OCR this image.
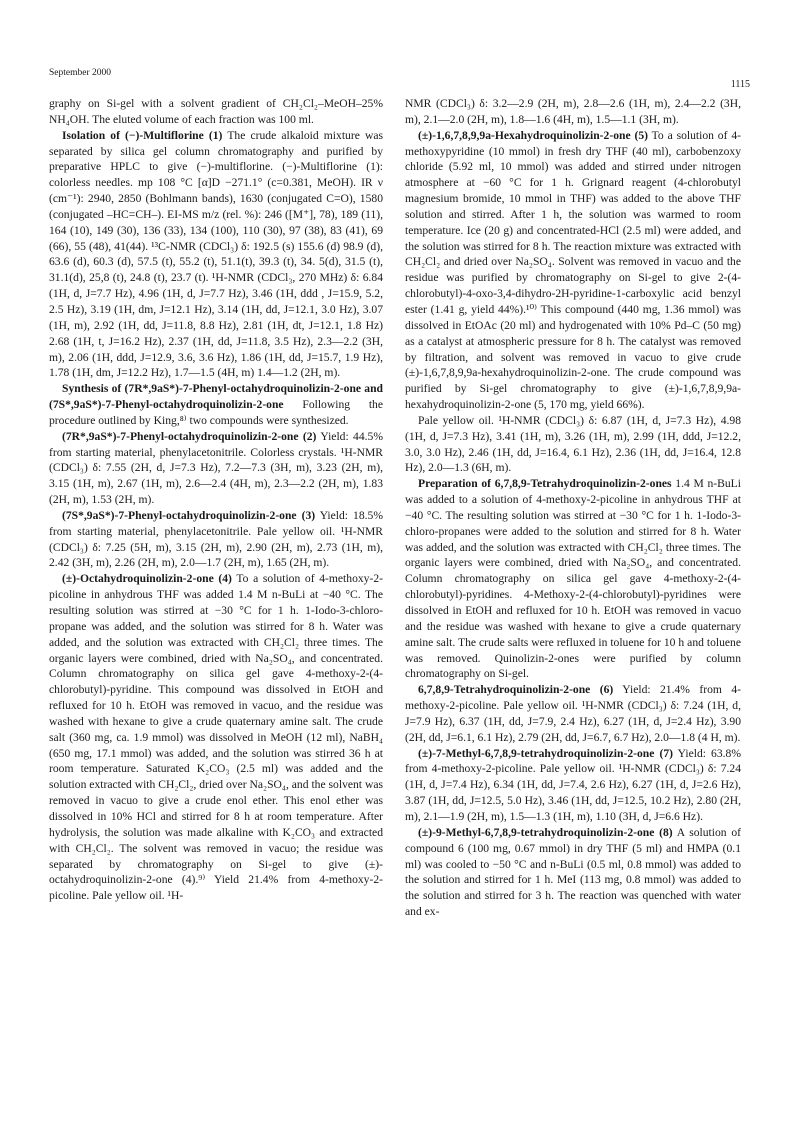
September 2000
1115

graphy on Si-gel with a solvent gradient of CH₂Cl₂–MeOH–25% NH₄OH. The eluted volume of each fraction was 100 ml.

Isolation of (−)-Multiflorine (1) The crude alkaloid mixture was separated by silica gel column chromatography and purified by preparative HPLC to give (−)-multiflorine. (−)-Multiflorine (1): colorless needles. mp 108 °C [α]D −271.1° (c=0.381, MeOH). IR ν (cm⁻¹): 2940, 2850 (Bohlmann bands), 1630 (conjugated C=O), 1580 (conjugated –HC=CH–). EI-MS m/z (rel. %): 246 ([M⁺], 78), 189 (11), 164 (10), 149 (30), 136 (33), 134 (100), 110 (30), 97 (38), 83 (41), 69 (66), 55 (48), 41(44). ¹³C-NMR (CDCl₃) δ: 192.5 (s) 155.6 (d) 98.9 (d), 63.6 (d), 60.3 (d), 57.5 (t), 55.2 (t), 51.1(t), 39.3 (t), 34. 5(d), 31.5 (t), 31.1(d), 25,8 (t), 24.8 (t), 23.7 (t). ¹H-NMR (CDCl₃, 270 MHz) δ: 6.84 (1H, d, J=7.7 Hz), 4.96 (1H, d, J=7.7 Hz), 3.46 (1H, ddd , J=15.9, 5.2, 2.5 Hz), 3.19 (1H, dm, J=12.1 Hz), 3.14 (1H, dd, J=12.1, 3.0 Hz), 3.07 (1H, m), 2.92 (1H, dd, J=11.8, 8.8 Hz), 2.81 (1H, dt, J=12.1, 1.8 Hz) 2.68 (1H, t, J=16.2 Hz), 2.37 (1H, dd, J=11.8, 3.5 Hz), 2.3—2.2 (3H, m), 2.06 (1H, ddd, J=12.9, 3.6, 3.6 Hz), 1.86 (1H, dd, J=15.7, 1.9 Hz), 1.78 (1H, dm, J=12.2 Hz), 1.7—1.5 (4H, m) 1.4—1.2 (2H, m).

Synthesis of (7R*,9aS*)-7-Phenyl-octahydroquinolizin-2-one and (7S*,9aS*)-7-Phenyl-octahydroquinolizin-2-one Following the procedure outlined by King,⁸⁾ two compounds were synthesized.

(7R*,9aS*)-7-Phenyl-octahydroquinolizin-2-one (2) Yield: 44.5% from starting material, phenylacetonitrile. Colorless crystals. ¹H-NMR (CDCl₃) δ: 7.55 (2H, d, J=7.3 Hz), 7.2—7.3 (3H, m), 3.23 (2H, m), 3.15 (1H, m), 2.67 (1H, m), 2.6—2.4 (4H, m), 2.3—2.2 (2H, m), 1.83 (2H, m), 1.53 (2H, m).

(7S*,9aS*)-7-Phenyl-octahydroquinolizin-2-one (3) Yield: 18.5% from starting material, phenylacetonitrile. Pale yellow oil. ¹H-NMR (CDCl₃) δ: 7.25 (5H, m), 3.15 (2H, m), 2.90 (2H, m), 2.73 (1H, m), 2.42 (3H, m), 2.26 (2H, m), 2.0—1.7 (2H, m), 1.65 (2H, m).

(±)-Octahydroquinolizin-2-one (4) To a solution of 4-methoxy-2-picoline in anhydrous THF was added 1.4 M n-BuLi at −40 °C. The resulting solution was stirred at −30 °C for 1 h. 1-Iodo-3-chloro-propane was added, and the solution was stirred for 8 h. Water was added, and the solution was extracted with CH₂Cl₂ three times. The organic layers were combined, dried with Na₂SO₄, and concentrated. Column chromatography on silica gel gave 4-methoxy-2-(4-chlorobutyl)-pyridine. This compound was dissolved in EtOH and refluxed for 10 h. EtOH was removed in vacuo, and the residue was washed with hexane to give a crude quaternary amine salt. The crude salt (360 mg, ca. 1.9 mmol) was dissolved in MeOH (12 ml), NaBH₄ (650 mg, 17.1 mmol) was added, and the solution was stirred 36 h at room temperature. Saturated K₂CO₃ (2.5 ml) was added and the solution extracted with CH₂Cl₂, dried over Na₂SO₄, and the solvent was removed in vacuo to give a crude enol ether. This enol ether was dissolved in 10% HCl and stirred for 8 h at room temperature. After hydrolysis, the solution was made alkaline with K₂CO₃ and extracted with CH₂Cl₂. The solvent was removed in vacuo; the residue was separated by chromatography on Si-gel to give (±)-octahydroquinolizin-2-one (4).⁹⁾ Yield 21.4% from 4-methoxy-2-picoline. Pale yellow oil. ¹H-

NMR (CDCl₃) δ: 3.2—2.9 (2H, m), 2.8—2.6 (1H, m), 2.4—2.2 (3H, m), 2.1—2.0 (2H, m), 1.8—1.6 (4H, m), 1.5—1.1 (3H, m).

(±)-1,6,7,8,9,9a-Hexahydroquinolizin-2-one (5) To a solution of 4-methoxypyridine (10 mmol) in fresh dry THF (40 ml), carbobenzoxy chloride (5.92 ml, 10 mmol) was added and stirred under nitrogen atmosphere at −60 °C for 1 h. Grignard reagent (4-chlorobutyl magnesium bromide, 10 mmol in THF) was added to the above THF solution and stirred. After 1 h, the solution was warmed to room temperature. Ice (20 g) and concentrated-HCl (2.5 ml) were added, and the solution was stirred for 8 h. The reaction mixture was extracted with CH₂Cl₂ and dried over Na₂SO₄. Solvent was removed in vacuo and the residue was purified by chromatography on Si-gel to give 2-(4-chlorobutyl)-4-oxo-3,4-dihydro-2H-pyridine-1-carboxylic acid benzyl ester (1.41 g, yield 44%).¹⁰⁾ This compound (440 mg, 1.36 mmol) was dissolved in EtOAc (20 ml) and hydrogenated with 10% Pd–C (50 mg) as a catalyst at atmospheric pressure for 8 h. The catalyst was removed by filtration, and solvent was removed in vacuo to give crude (±)-1,6,7,8,9,9a-hexahydroquinolizin-2-one. The crude compound was purified by Si-gel chromatography to give (±)-1,6,7,8,9,9a-hexahydroquinolizin-2-one (5, 170 mg, yield 66%).

Pale yellow oil. ¹H-NMR (CDCl₃) δ: 6.87 (1H, d, J=7.3 Hz), 4.98 (1H, d, J=7.3 Hz), 3.41 (1H, m), 3.26 (1H, m), 2.99 (1H, ddd, J=12.2, 3.0, 3.0 Hz), 2.46 (1H, dd, J=16.4, 6.1 Hz), 2.36 (1H, dd, J=16.4, 12.8 Hz), 2.0—1.3 (6H, m).

Preparation of 6,7,8,9-Tetrahydroquinolizin-2-ones 1.4 M n-BuLi was added to a solution of 4-methoxy-2-picoline in anhydrous THF at −40 °C. The resulting solution was stirred at −30 °C for 1 h. 1-Iodo-3-chloro-propanes were added to the solution and stirred for 8 h. Water was added, and the solution was extracted with CH₂Cl₂ three times. The organic layers were combined, dried with Na₂SO₄, and concentrated. Column chromatography on silica gel gave 4-methoxy-2-(4-chlorobutyl)-pyridines. 4-Methoxy-2-(4-chlorobutyl)-pyridines were dissolved in EtOH and refluxed for 10 h. EtOH was removed in vacuo and the residue was washed with hexane to give a crude quaternary amine salt. The crude salts were refluxed in toluene for 10 h and toluene was removed. Quinolizin-2-ones were purified by column chromatography on Si-gel.

6,7,8,9-Tetrahydroquinolizin-2-one (6) Yield: 21.4% from 4-methoxy-2-picoline. Pale yellow oil. ¹H-NMR (CDCl₃) δ: 7.24 (1H, d, J=7.9 Hz), 6.37 (1H, dd, J=7.9, 2.4 Hz), 6.27 (1H, d, J=2.4 Hz), 3.90 (2H, dd, J=6.1, 6.1 Hz), 2.79 (2H, dd, J=6.7, 6.7 Hz), 2.0—1.8 (4 H, m).

(±)-7-Methyl-6,7,8,9-tetrahydroquinolizin-2-one (7) Yield: 63.8% from 4-methoxy-2-picoline. Pale yellow oil. ¹H-NMR (CDCl₃) δ: 7.24 (1H, d, J=7.4 Hz), 6.34 (1H, dd, J=7.4, 2.6 Hz), 6.27 (1H, d, J=2.6 Hz), 3.87 (1H, dd, J=12.5, 5.0 Hz), 3.46 (1H, dd, J=12.5, 10.2 Hz), 2.80 (2H, m), 2.1—1.9 (2H, m), 1.5—1.3 (1H, m), 1.10 (3H, d, J=6.6 Hz).

(±)-9-Methyl-6,7,8,9-tetrahydroquinolizin-2-one (8) A solution of compound 6 (100 mg, 0.67 mmol) in dry THF (5 ml) and HMPA (0.1 ml) was cooled to −50 °C and n-BuLi (0.5 ml, 0.8 mmol) was added to the solution and stirred for 1 h. MeI (113 mg, 0.8 mmol) was added to the solution and stirred for 3 h. The reaction was quenched with water and ex-
